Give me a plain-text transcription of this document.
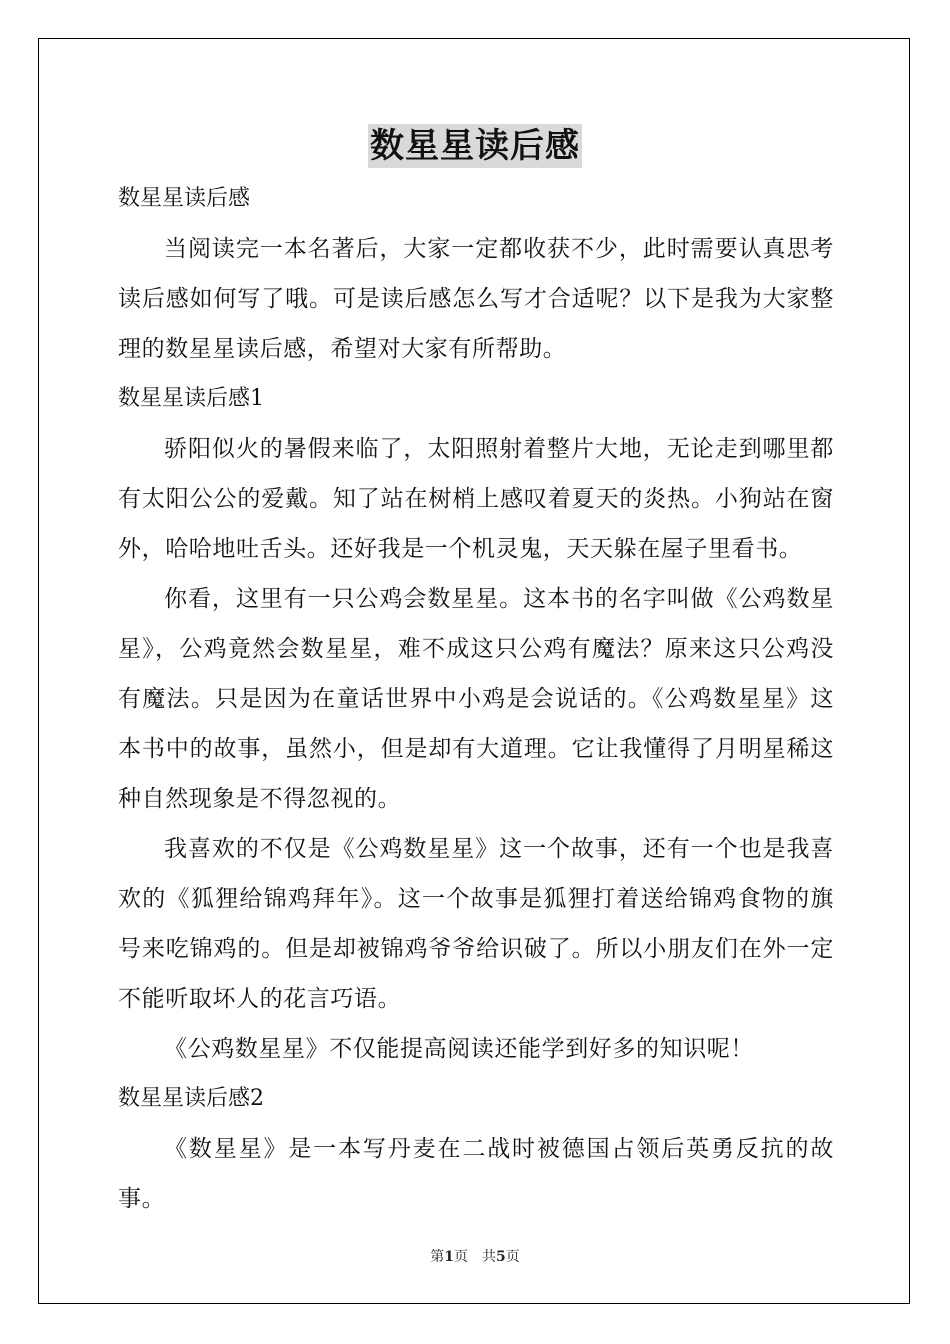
数星星读后感

数星星读后感

当阅读完一本名著后，大家一定都收获不少，此时需要认真思考读后感如何写了哦。可是读后感怎么写才合适呢？以下是我为大家整理的数星星读后感，希望对大家有所帮助。

数星星读后感1

骄阳似火的暑假来临了，太阳照射着整片大地，无论走到哪里都有太阳公公的爱戴。知了站在树梢上感叹着夏天的炎热。小狗站在窗外，哈哈地吐舌头。还好我是一个机灵鬼，天天躲在屋子里看书。

你看，这里有一只公鸡会数星星。这本书的名字叫做《公鸡数星星》，公鸡竟然会数星星，难不成这只公鸡有魔法？原来这只公鸡没有魔法。只是因为在童话世界中小鸡是会说话的。《公鸡数星星》这本书中的故事，虽然小，但是却有大道理。它让我懂得了月明星稀这种自然现象是不得忽视的。

我喜欢的不仅是《公鸡数星星》这一个故事，还有一个也是我喜欢的《狐狸给锦鸡拜年》。这一个故事是狐狸打着送给锦鸡食物的旗号来吃锦鸡的。但是却被锦鸡爷爷给识破了。所以小朋友们在外一定不能听取坏人的花言巧语。

《公鸡数星星》不仅能提高阅读还能学到好多的知识呢！

数星星读后感2

《数星星》是一本写丹麦在二战时被德国占领后英勇反抗的故事。

第1页 共5页
